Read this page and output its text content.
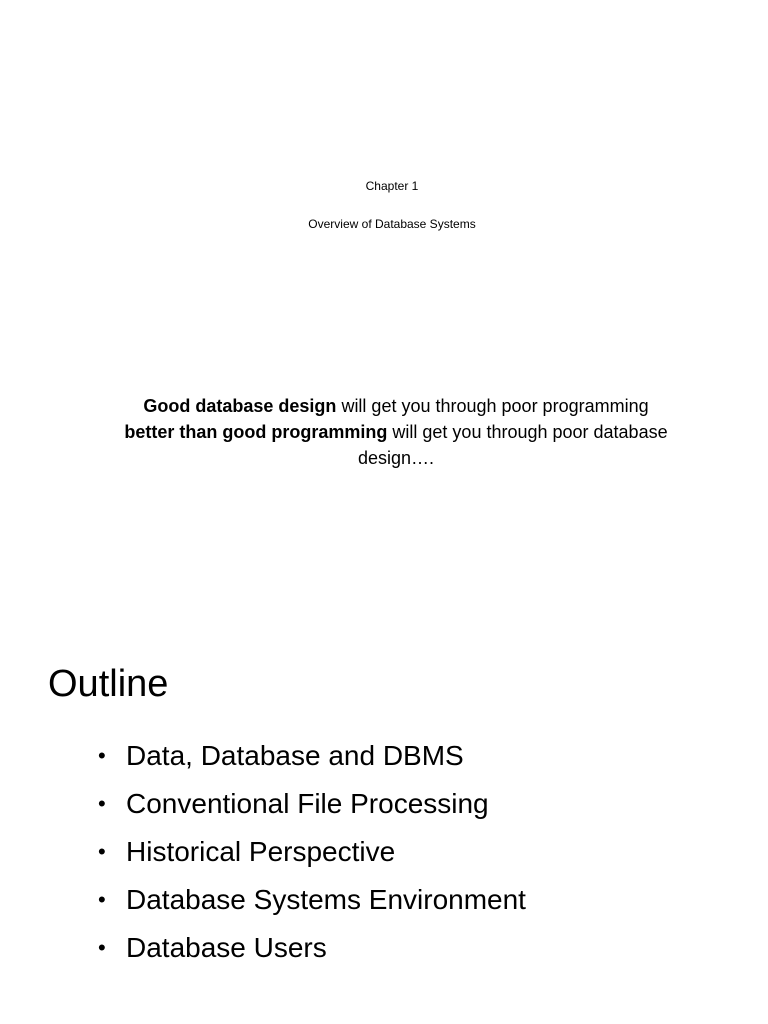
Chapter 1
Overview of Database Systems
Good database design will get you through poor programming better than good programming will get you through poor database design….
Outline
• Data, Database and DBMS
• Conventional File Processing
• Historical Perspective
• Database Systems Environment
• Database Users
